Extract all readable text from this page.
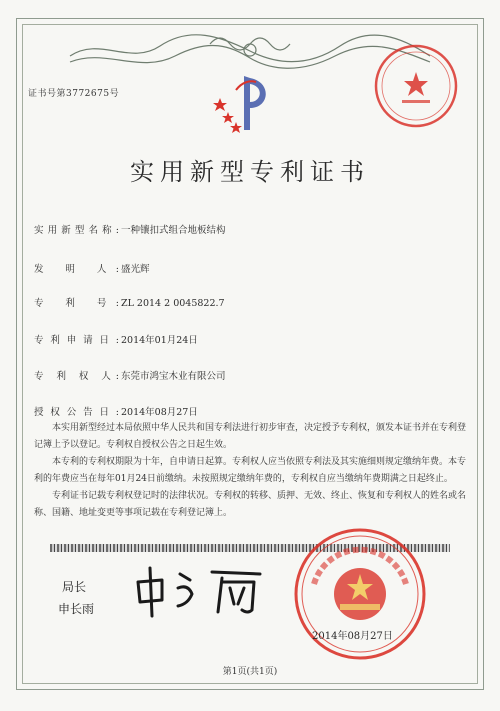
证书号第3772675号
实用新型专利证书
实用新型名称: 一种镶扣式组合地板结构
发 明 人: 盛光辉
专 利 号: ZL 2014 2 0045822.7
专利申请日: 2014年01月24日
专 利 权 人: 东莞市鸿宝木业有限公司
授权公告日: 2014年08月27日

本实用新型经过本局依照中华人民共和国专利法进行初步审查，决定授予专利权，颁发本证书并在专利登记簿上予以登记。专利权自授权公告之日起生效。

本专利的专利权期限为十年，自申请日起算。专利权人应当依照专利法及其实施细则规定缴纳年费。本专利的年费应当在每年01月24日前缴纳。未按照规定缴纳年费的，专利权自应当缴纳年费期满之日起终止。

专利证书记载专利权登记时的法律状况。专利权的转移、质押、无效、终止、恢复和专利权人的姓名或名称、国籍、地址变更等事项记载在专利登记簿上。

局长
申长雨
2014年08月27日
第1页(共1页)
